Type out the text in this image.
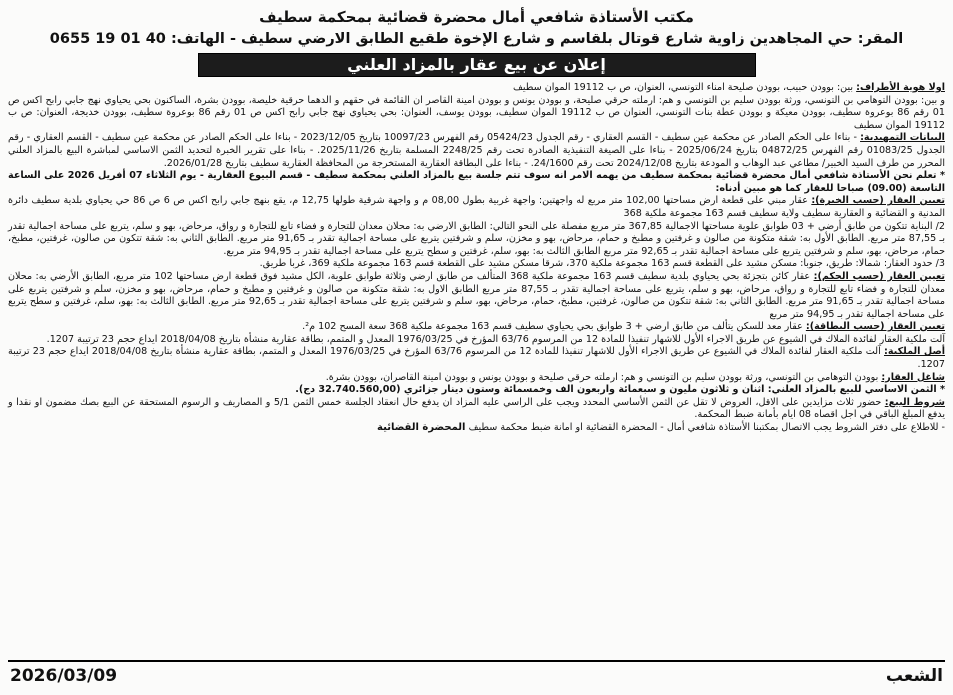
مكتب الأستاذة شافعي أمال محضرة قضائية بمحكمة سطيف
المقر: حي المجاهدين زاوية شارع قوتال بلقاسم و شارع الإخوة طقيع الطابق الارضي سطيف - الهاتف: 40 01 19 0655
إعلان عن بيع عقار بالمزاد العلني

اولا هوية الأطراف: بين: بوودن حبيب، بوودن صليحة امناء التونسي، العنوان، ص ب 19112 الموان سطيف

و بين: بوودن التوهامي بن التونسي، ورثة بوودن سليم بن التونسي و هم: ارملته حرقي صليحة، و بوودن يونس و بوودن امينة القاصر ان القائمة في حقهم و الدهما حرقية خليصة، بوودن بشرة، الساكنون بحي يحياوي نهج جابي رابح اكس ص 01 رقم 86 بوعروة سطيف، بوودن معيكة و بوودن عطة بنات التونسي، العنوان ص ب 19112 الموان سطيف، بوودن يوسف، العنوان: بحي يحياوي نهج جابي رابح اكس ص 01 رقم 86 بوعروة سطيف، بوودن خديجة، العنوان: ص ب 19112 الموان سطيف

البيانات التمهيدية: - بناءا على الحكم الصادر عن محكمة عين سطيف - القسم العقاري - رقم الجدول 05424/23 رقم الفهرس 10097/23 بتاريخ 2023/12/05 - بناءا على الحكم الصادر عن محكمة عين سطيف - القسم العقاري - رقم الجدول 01083/25 رقم الفهرس 04872/25 بتاريخ 2025/06/24 - بناءا على الصيغة التنفيذية الصادرة تحت رقم 2248/25 المسلمة بتاريخ 2025/11/26. - بناءا على تقرير الخبرة لتحديد الثمن الاساسي لمباشرة البيع بالمزاد العلني المحرر من طرف السيد الخبير/ مطاعي عبد الوهاب و المودعة بتاريخ 2024/12/08 تحت رقم 24/1600. - بناءا على البطاقة العقارية المستخرجة من المحافظة العقارية سطيف بتاريخ 2026/01/28.

* تعلم نحن الأستاذة شافعي أمال محضرة قضائية بمحكمة سطيف من يهمه الامر انه سوف تتم جلسة بيع بالمزاد العلني بمحكمة سطيف - قسم البيوع العقارية - يوم الثلاثاء 07 أفريل 2026 على الساعة التاسعة (09.00) صباحا للعقار كما هو مبين أدناه:

تعيين العقار (حسب الخبرة): عقار مبني على قطعة ارض مساحتها 102,00 متر مربع له واجهتين: واجهة غربية بطول 08,00 م و واجهة شرقية طولها 12,75 م، يقع بنهج جابي رابح اكس ص 6 ص 86 حي يحياوي بلدية سطيف دائرة المدنية و القضائية و العقارية سطيف ولاية سطيف قسم 163 مجموعة ملكية 368

2/ البناية تتكون من طابق أرضي + 03 طوابق علوية مساحتها الاجمالية 367,85 متر مربع مفصلة على النحو التالي: الطابق الارضي به: محلان معدان للتجارة و فضاء تابع للتجارة و رواق، مرحاض، بهو و سلم، يتربع على مساحة اجمالية تقدر بـ 87,55 متر مربع. الطابق الأول به: شقة متكونة من صالون و غرفتين و مطبخ و حمام، مرحاض، بهو و مخزن، سلم و شرفتين يتربع على مساحة اجمالية تقدر بـ 91,65 متر مربع. الطابق الثاني به: شقة تتكون من صالون، غرفتين، مطبخ، حمام، مرحاض، بهو، سلم و شرفتين يتربع على مساحة اجمالية تقدر بـ 92,65 متر مربع الطابق الثالث به: بهو، سلم، غرفتين و سطح يتربع على مساحة اجمالية تقدر بـ 94,95 متر مربع.

3/ حدود العقار: شمالا: طريق، جنوبا: مسكن مشيد على القطعة قسم 163 مجموعة ملكية 370، شرقا مسكن مشيد على القطعة قسم 163 مجموعة ملكية 369، غربا طريق.

تعيين العقار (حسب الحكم): عقار كائن بتجزئة بحي يحياوي بلدية سطيف قسم 163 مجموعة ملكية 368 المتألف من طابق ارضي وثلاثة طوابق علوية، الكل مشيد فوق قطعة ارض مساحتها 102 متر مربع، الطابق الأرضي به: محلان معدان للتجارة و فضاء تابع للتجارة و رواق، مرحاض، بهو و سلم، يتربع على مساحة اجمالية تقدر بـ 87,55 متر مربع الطابق الاول به: شقة متكونة من صالون و غرفتين و مطبخ و حمام، مرحاض، بهو و مخزن، سلم و شرفتين يتربع على مساحة اجمالية تقدر بـ 91,65 متر مربع. الطابق الثاني به: شقة تتكون من صالون، غرفتين، مطبخ، حمام، مرحاض، بهو، سلم و شرفتين يتربع على مساحة اجمالية تقدر بـ 92,65 متر مربع. الطابق الثالث به: بهو، سلم، غرفتين و سطح يتربع على مساحة اجمالية تقدر بـ 94,95 متر مربع

تعيين العقار (حسب البطاقة): عقار معد للسكن يتألف من طابق ارضي + 3 طوابق بحي يحياوي سطيف قسم 163 مجموعة ملكية 368 سعة المسح 102 م².

آلت ملكية العقار لفائدة الملاك في الشيوع عن طريق الاجراء الأول للاشهار تنفيذا للمادة 12 من المرسوم 63/76 المؤرخ في 1976/03/25 المعدل و المتمم، بطاقة عقارية منشأة بتاريخ 2018/04/08 ايداع حجم 23 ترتيبة 1207.

أصل الملكية: آلت ملكية العقار لفائدة الملاك في الشيوع عن طريق الاجراء الأول للاشهار تنفيذا للمادة 12 من المرسوم 63/76 المؤرخ في 1976/03/25 المعدل و المتمم، بطاقة عقارية منشأة بتاريخ 2018/04/08 ايداع حجم 23 ترتيبة 1207.

شاغل العقار: بوودن التوهامي بن التونسي، ورثة بوودن سليم بن التونسي و هم: ارملته حرقي صليحة و بوودن يونس و بوودن امينة القاصران، بوودن بشرة.

* الثمن الاساسي للبيع بالمزاد العلني: اثنان و ثلاثون مليون و سبعمائة واربعون الف وخمسمائة وستون دينار جزائري (32.740.560,00 دج).

شروط البيع: حضور ثلاث مزايدين على الاقل، العروض لا تقل عن الثمن الأساسي المحدد ويجب على الراسي عليه المزاد ان يدفع حال انعقاد الجلسة خمس الثمن 5/1 و المصاريف و الرسوم المستحقة عن البيع بصك مضمون او نقدا و يدفع المبلغ الباقي في اجل اقصاه 08 ايام بأمانة ضبط المحكمة.

- للاطلاع على دفتر الشروط يجب الاتصال بمكتبنا الأستاذة شافعي أمال - المحضرة القضائية او امانة ضبط محكمة سطيف المحضرة القضائية

الشعب
2026/03/09
